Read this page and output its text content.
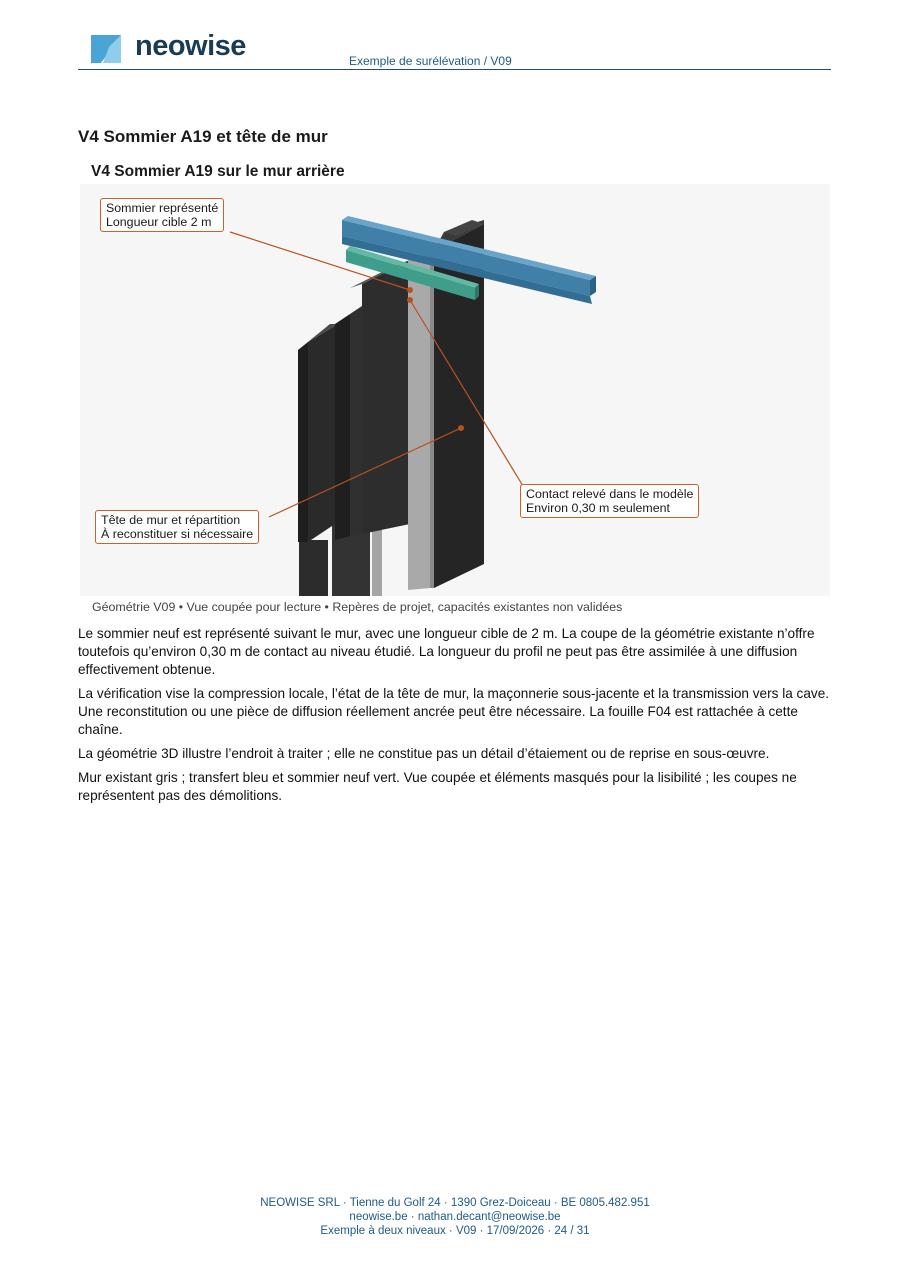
neowise	Exemple de surélévation / V09
V4 Sommier A19 et tête de mur
V4 Sommier A19 sur le mur arrière
Sommier représenté
Longueur cible 2 m
Contact relevé dans le modèle
Environ 0,30 m seulement
Tête de mur et répartition
À reconstituer si nécessaire
Géométrie V09 • Vue coupée pour lecture • Repères de projet, capacités existantes non validées

Le sommier neuf est représenté suivant le mur, avec une longueur cible de 2 m. La coupe de la géométrie existante n’offre toutefois qu’environ 0,30 m de contact au niveau étudié. La longueur du profil ne peut pas être assimilée à une diffusion effectivement obtenue.

La vérification vise la compression locale, l’état de la tête de mur, la maçonnerie sous-jacente et la transmission vers la cave. Une reconstitution ou une pièce de diffusion réellement ancrée peut être nécessaire. La fouille F04 est rattachée à cette chaîne.

La géométrie 3D illustre l’endroit à traiter ; elle ne constitue pas un détail d’étaiement ou de reprise en sous-œuvre.

Mur existant gris ; transfert bleu et sommier neuf vert. Vue coupée et éléments masqués pour la lisibilité ; les coupes ne représentent pas des démolitions.

NEOWISE SRL · Tienne du Golf 24 · 1390 Grez-Doiceau · BE 0805.482.951
neowise.be · nathan.decant@neowise.be
Exemple à deux niveaux · V09 · 17/09/2026 · 24 / 31
